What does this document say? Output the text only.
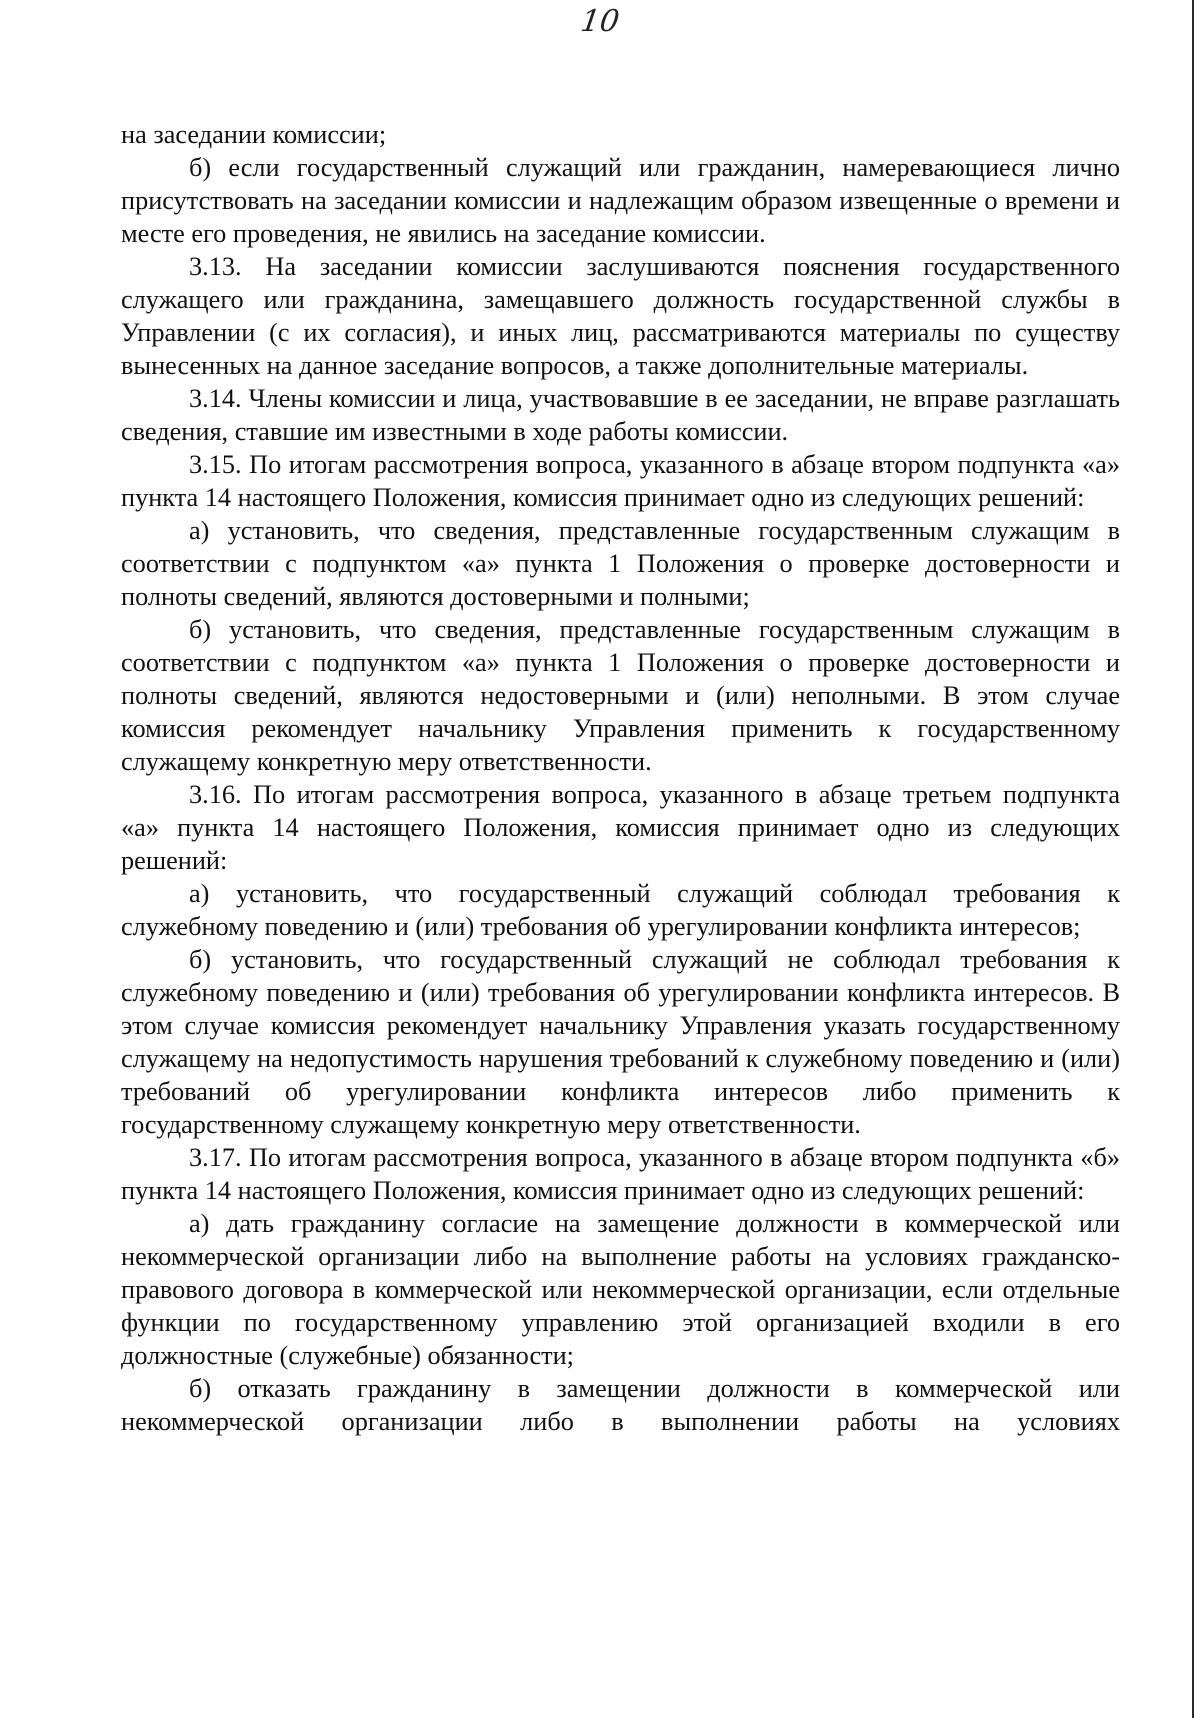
10

на заседании комиссии;

б) если государственный служащий или гражданин, намеревающиеся лично присутствовать на заседании комиссии и надлежащим образом извещенные о времени и месте его проведения, не явились на заседание комиссии.

3.13. На заседании комиссии заслушиваются пояснения государственного служащего или гражданина, замещавшего должность государственной службы в Управлении (с их согласия), и иных лиц, рассматриваются материалы по существу вынесенных на данное заседание вопросов, а также дополнительные материалы.

3.14. Члены комиссии и лица, участвовавшие в ее заседании, не вправе разглашать сведения, ставшие им известными в ходе работы комиссии.

3.15. По итогам рассмотрения вопроса, указанного в абзаце втором подпункта «а» пункта 14 настоящего Положения, комиссия принимает одно из следующих решений:

а) установить, что сведения, представленные государственным служащим в соответствии с подпунктом «а» пункта 1 Положения о проверке достоверности и полноты сведений, являются достоверными и полными;

б) установить, что сведения, представленные государственным служащим в соответствии с подпунктом «а» пункта 1 Положения о проверке достоверности и полноты сведений, являются недостоверными и (или) неполными. В этом случае комиссия рекомендует начальнику Управления применить к государственному служащему конкретную меру ответственности.

3.16. По итогам рассмотрения вопроса, указанного в абзаце третьем подпункта «а» пункта 14 настоящего Положения, комиссия принимает одно из следующих решений:

а) установить, что государственный служащий соблюдал требования к служебному поведению и (или) требования об урегулировании конфликта интересов;

б) установить, что государственный служащий не соблюдал требования к служебному поведению и (или) требования об урегулировании конфликта интересов. В этом случае комиссия рекомендует начальнику Управления указать государственному служащему на недопустимость нарушения требований к служебному поведению и (или) требований об урегулировании конфликта интересов либо применить к государственному служащему конкретную меру ответственности.

3.17. По итогам рассмотрения вопроса, указанного в абзаце втором подпункта «б» пункта 14 настоящего Положения, комиссия принимает одно из следующих решений:

а) дать гражданину согласие на замещение должности в коммерческой или некоммерческой организации либо на выполнение работы на условиях гражданско-правового договора в коммерческой или некоммерческой организации, если отдельные функции по государственному управлению этой организацией входили в его должностные (служебные) обязанности;

б) отказать гражданину в замещении должности в коммерческой или некоммерческой организации либо в выполнении работы на условиях
